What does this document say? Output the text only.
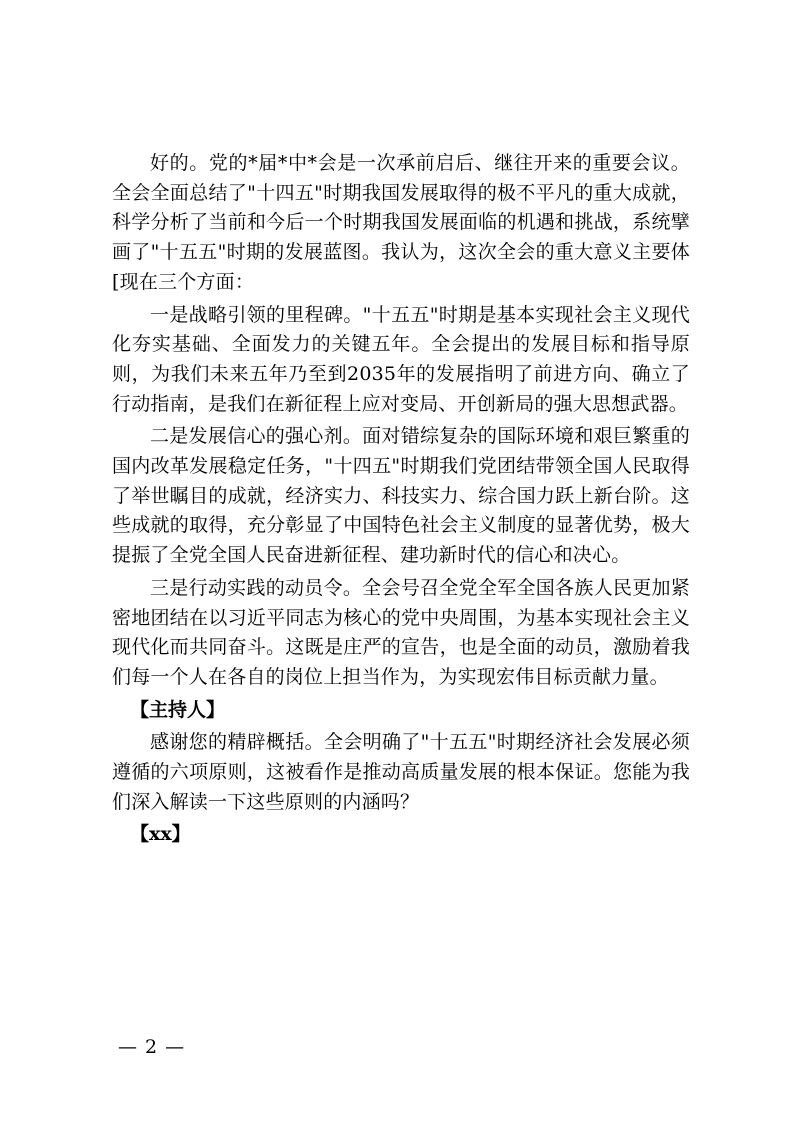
好的。党的*届*中*会是一次承前启后、继往开来的重要会议。全会全面总结了"十四五"时期我国发展取得的极不平凡的重大成就，科学分析了当前和今后一个时期我国发展面临的机遇和挑战，系统擘画了"十五五"时期的发展蓝图。我认为，这次全会的重大意义主要体[现在三个方面：

一是战略引领的里程碑。"十五五"时期是基本实现社会主义现代化夯实基础、全面发力的关键五年。全会提出的发展目标和指导原则，为我们未来五年乃至到2035年的发展指明了前进方向、确立了行动指南，是我们在新征程上应对变局、开创新局的强大思想武器。

二是发展信心的强心剂。面对错综复杂的国际环境和艰巨繁重的国内改革发展稳定任务，"十四五"时期我们党团结带领全国人民取得了举世瞩目的成就，经济实力、科技实力、综合国力跃上新台阶。这些成就的取得，充分彰显了中国特色社会主义制度的显著优势，极大提振了全党全国人民奋进新征程、建功新时代的信心和决心。

三是行动实践的动员令。全会号召全党全军全国各族人民更加紧密地团结在以习近平同志为核心的党中央周围，为基本实现社会主义现代化而共同奋斗。这既是庄严的宣告，也是全面的动员，激励着我们每一个人在各自的岗位上担当作为，为实现宏伟目标贡献力量。

【主持人】

感谢您的精辟概括。全会明确了"十五五"时期经济社会发展必须遵循的六项原则，这被看作是推动高质量发展的根本保证。您能为我们深入解读一下这些原则的内涵吗？

【xx】

— 2 —
